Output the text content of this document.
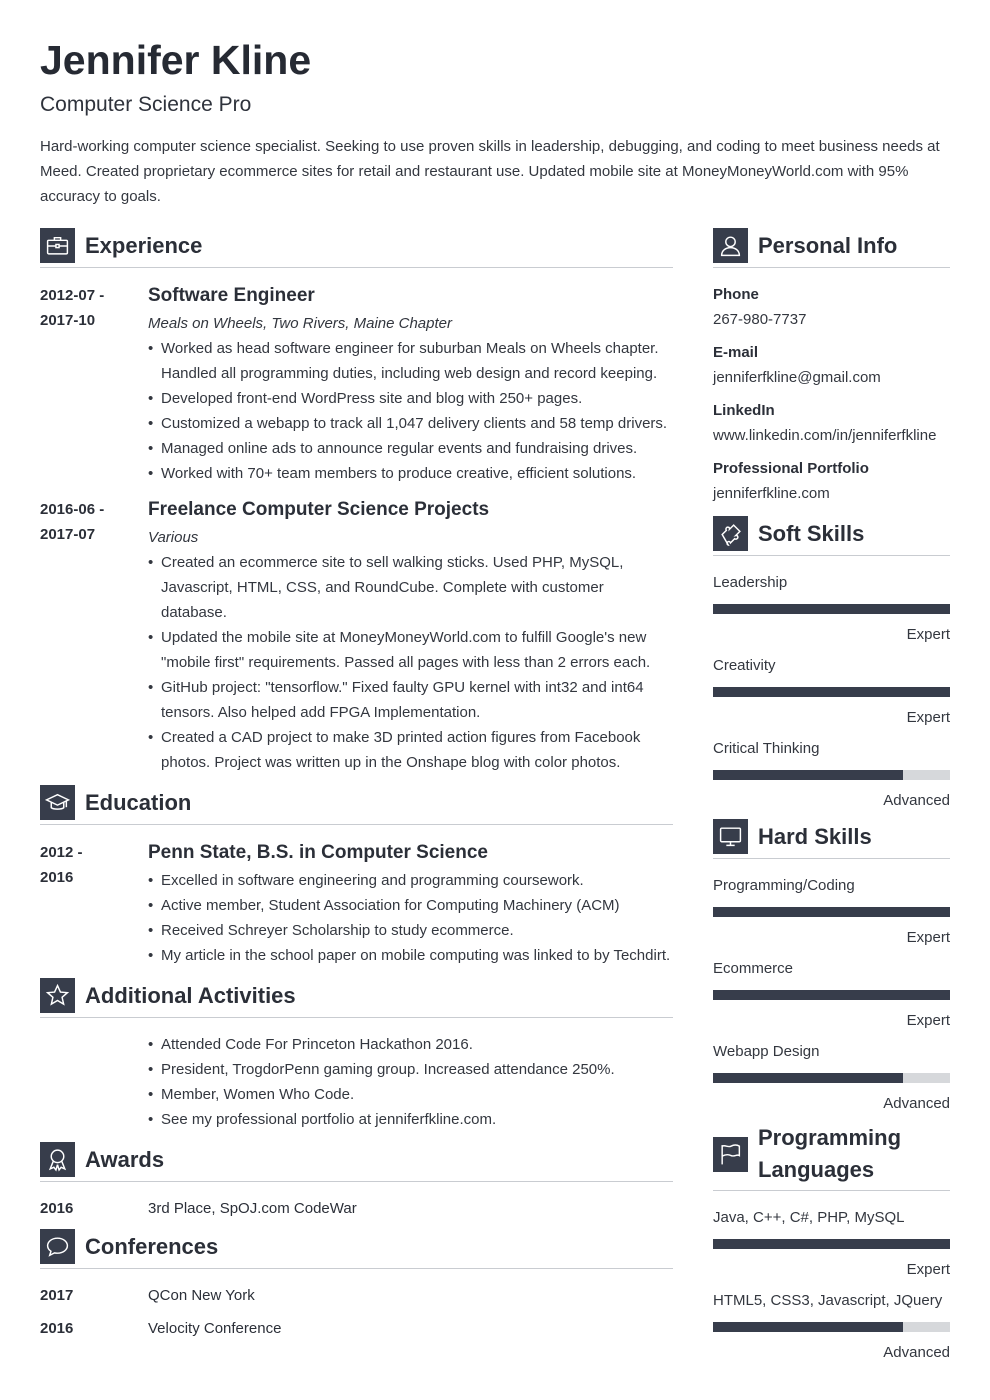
Jennifer Kline
Computer Science Pro
Hard-working computer science specialist. Seeking to use proven skills in leadership, debugging, and coding to meet business needs at Meed. Created proprietary ecommerce sites for retail and restaurant use. Updated mobile site at MoneyMoneyWorld.com with 95% accuracy to goals.
Experience
2012-07 -
2017-10
Software Engineer
Meals on Wheels, Two Rivers, Maine Chapter
• Worked as head software engineer for suburban Meals on Wheels chapter. Handled all programming duties, including web design and record keeping.
• Developed front-end WordPress site and blog with 250+ pages.
• Customized a webapp to track all 1,047 delivery clients and 58 temp drivers.
• Managed online ads to announce regular events and fundraising drives.
• Worked with 70+ team members to produce creative, efficient solutions.
2016-06 -
2017-07
Freelance Computer Science Projects
Various
• Created an ecommerce site to sell walking sticks. Used PHP, MySQL, Javascript, HTML, CSS, and RoundCube. Complete with customer database.
• Updated the mobile site at MoneyMoneyWorld.com to fulfill Google's new "mobile first" requirements. Passed all pages with less than 2 errors each.
• GitHub project: "tensorflow." Fixed faulty GPU kernel with int32 and int64 tensors. Also helped add FPGA Implementation.
• Created a CAD project to make 3D printed action figures from Facebook photos. Project was written up in the Onshape blog with color photos.
Education
2012 -
2016
Penn State, B.S. in Computer Science
• Excelled in software engineering and programming coursework.
• Active member, Student Association for Computing Machinery (ACM)
• Received Schreyer Scholarship to study ecommerce.
• My article in the school paper on mobile computing was linked to by Techdirt.
Additional Activities
• Attended Code For Princeton Hackathon 2016.
• President, TrogdorPenn gaming group. Increased attendance 250%.
• Member, Women Who Code.
• See my professional portfolio at jenniferfkline.com.
Awards
2016	3rd Place, SpOJ.com CodeWar
Conferences
2017	QCon New York
2016	Velocity Conference
Personal Info
Phone
267-980-7737
E-mail
jenniferfkline@gmail.com
LinkedIn
www.linkedin.com/in/jenniferfkline
Professional Portfolio
jenniferfkline.com
Soft Skills
Leadership
Expert
Creativity
Expert
Critical Thinking
Advanced
Hard Skills
Programming/Coding
Expert
Ecommerce
Expert
Webapp Design
Advanced
Programming
Languages
Java, C++, C#, PHP, MySQL
Expert
HTML5, CSS3, Javascript, JQuery
Advanced
